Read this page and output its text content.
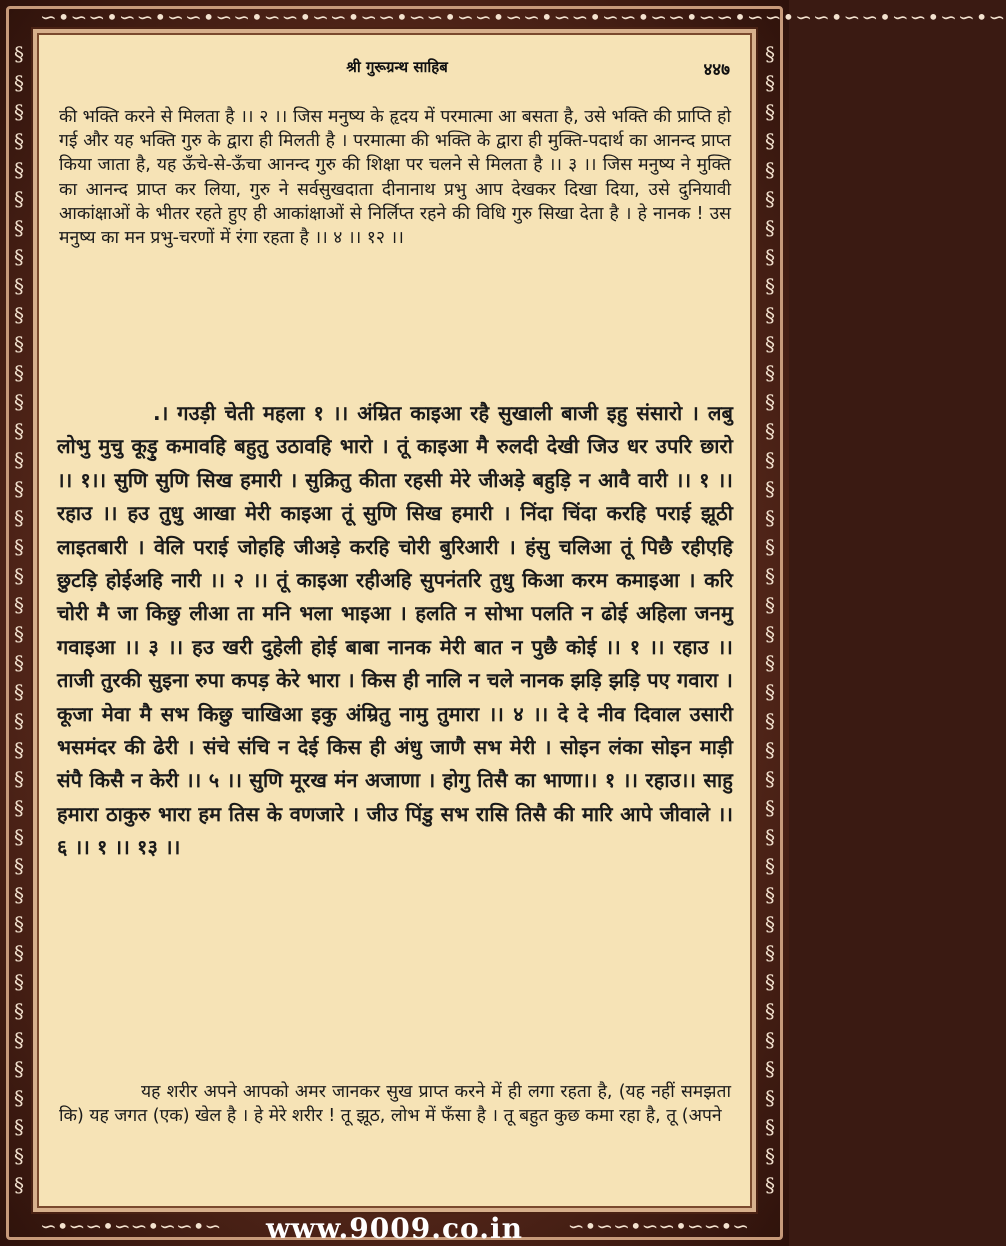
∽•∽∽•∽∽•∽∽•∽∽•∽∽•∽∽•∽∽•∽∽•∽∽•∽∽•∽∽•∽∽•∽∽•∽∽•∽∽•∽∽•∽∽•∽∽•∽∽•∽
§
§
§
§
§
§
§
§
§
§
§
§
§
§
§
§
§
§
§
§
§
§
§
§
§
§
§
§
§
§
§
§
§
§
§
§
§
§
§
§
§
§
§
§
§
§
§
§
§
§
§
§
§
§
§
§
§
§
§
§
§
§
§
§
§
§
§
§
§
§
§
§
§
§
§
§
§
§
§
§
श्री गुरूग्रन्थ साहिब	४४७

की भक्ति करने से मिलता है ।। २ ।। जिस मनुष्य के हृदय में परमात्मा आ बसता है, उसे भक्ति की प्राप्ति हो गई और यह भक्ति गुरु के द्वारा ही मिलती है । परमात्मा की भक्ति के द्वारा ही मुक्ति-पदार्थ का आनन्द प्राप्त किया जाता है, यह ऊँचे-से-ऊँचा आनन्द गुरु की शिक्षा पर चलने से मिलता है ।। ३ ।। जिस मनुष्य ने मुक्ति का आनन्द प्राप्त कर लिया, गुरु ने सर्वसुखदाता दीनानाथ प्रभु आप देखकर दिखा दिया, उसे दुनियावी आकांक्षाओं के भीतर रहते हुए ही आकांक्षाओं से निर्लिप्त रहने की विधि गुरु सिखा देता है । हे नानक ! उस मनुष्य का मन प्रभु-चरणों में रंगा रहता है ।। ४ ।। १२ ।।

.। गउड़ी चेती महला १ ।। अंम्रित काइआ रहै सुखाली बाजी इहु संसारो । लबु लोभु मुचु कूड़ु कमावहि बहुतु उठावहि भारो । तूं काइआ मै रुलदी देखी जिउ धर उपरि छारो ।। १।। सुणि सुणि सिख हमारी । सुक्रितु कीता रहसी मेरे जीअड़े बहुड़ि न आवै वारी ।। १ ।। रहाउ ।। हउ तुधु आखा मेरी काइआ तूं सुणि सिख हमारी । निंदा चिंदा करहि पराई झूठी लाइतबारी । वेलि पराई जोहहि जीअड़े करहि चोरी बुरिआरी । हंसु चलिआ तूं पिछै रहीएहि छुटड़ि होईअहि नारी ।। २ ।। तूं काइआ रहीअहि सुपनंतरि तुधु किआ करम कमाइआ । करि चोरी मै जा किछु लीआ ता मनि भला भाइआ । हलति न सोभा पलति न ढोई अहिला जनमु गवाइआ ।। ३ ।। हउ खरी दुहेली होई बाबा नानक मेरी बात न पुछै कोई ।। १ ।। रहाउ ।। ताजी तुरकी सुइना रुपा कपड़ केरे भारा । किस ही नालि न चले नानक झड़ि झड़ि पए गवारा । कूजा मेवा मै सभ किछु चाखिआ इकु अंम्रितु नामु तुमारा ।। ४ ।। दे दे नीव दिवाल उसारी भसमंदर की ढेरी । संचे संचि न देई किस ही अंधु जाणै सभ मेरी । सोइन लंका सोइन माड़ी संपै किसै न केरी ।। ५ ।। सुणि मूरख मंन अजाणा । होगु तिसै का भाणा।। १ ।। रहाउ।। साहु हमारा ठाकुरु भारा हम तिस के वणजारे । जीउ पिंडु सभ रासि तिसै की मारि आपे जीवाले ।। ६ ।। १ ।। १३ ।।

यह शरीर अपने आपको अमर जानकर सुख प्राप्त करने में ही लगा रहता है, (यह नहीं समझता कि) यह जगत (एक) खेल है । हे मेरे शरीर ! तू झूठ, लोभ में फँसा है । तू बहुत कुछ कमा रहा है, तू (अपने

∽•∽∽•∽∽•∽∽•∽	www.9009.co.in	∽•∽∽•∽∽•∽∽•∽
